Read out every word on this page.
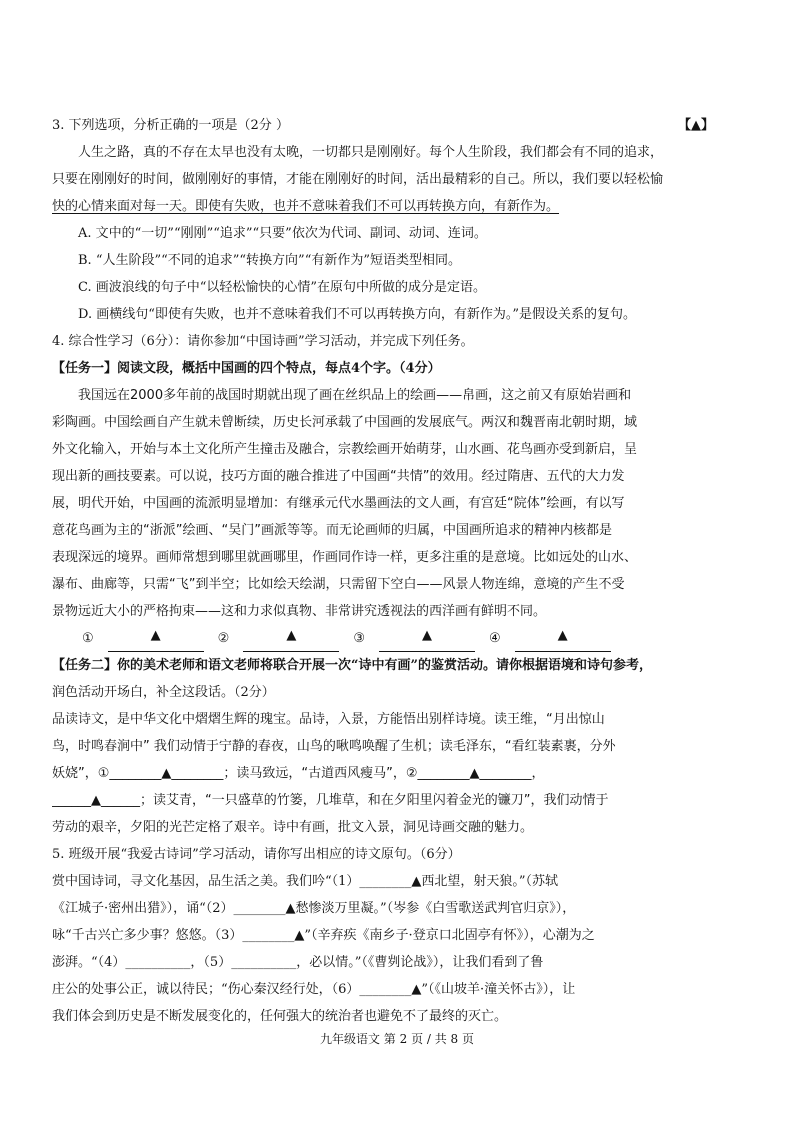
3. 下列选项，分析正确的一项是（2分 ）	【▲】
人生之路，真的不存在太早也没有太晚，一切都只是刚刚好。每个人生阶段，我们都会有不同的追求，
只要在刚刚好的时间，做刚刚好的事情，才能在刚刚好的时间，活出最精彩的自己。所以，我们要以轻松愉
快的心情来面对每一天。即使有失败，也并不意味着我们不可以再转换方向，有新作为。
A. 文中的“一切”“刚刚”“追求”“只要”依次为代词、副词、动词、连词。
B. “人生阶段”“不同的追求”“转换方向”“有新作为”短语类型相同。
C. 画波浪线的句子中“以轻松愉快的心情”在原句中所做的成分是定语。
D. 画横线句“即使有失败，也并不意味着我们不可以再转换方向，有新作为。”是假设关系的复句。
4. 综合性学习（6分）：请你参加“中国诗画”学习活动，并完成下列任务。
【任务一】阅读文段，概括中国画的四个特点，每点4个字。（4分）
我国远在2000多年前的战国时期就出现了画在丝织品上的绘画——帛画，这之前又有原始岩画和
彩陶画。中国绘画自产生就未曾断续，历史长河承载了中国画的发展底气。两汉和魏晋南北朝时期，域
外文化输入，开始与本土文化所产生撞击及融合，宗教绘画开始萌芽，山水画、花鸟画亦受到新启，呈
现出新的画技要素。可以说，技巧方面的融合推进了中国画“共情”的效用。经过隋唐、五代的大力发
展，明代开始，中国画的流派明显增加：有继承元代水墨画法的文人画，有宫廷“院体”绘画，有以写
意花鸟画为主的“浙派”绘画、“吴门”画派等等。而无论画师的归属，中国画所追求的精神内核都是
表现深远的境界。画师常想到哪里就画哪里，作画同作诗一样，更多注重的是意境。比如远处的山水、
瀑布、曲廊等，只需“飞”到半空；比如绘天绘湖，只需留下空白——风景人物连绵，意境的产生不受
景物远近大小的严格拘束——这和力求似真物、非常讲究透视法的西洋画有鲜明不同。
①	▲	②	▲	③	▲	④	▲
【任务二】你的美术老师和语文老师将联合开展一次“诗中有画”的鉴赏活动。请你根据语境和诗句参考，
润色活动开场白，补全这段话。（2分）
品读诗文，是中华文化中熠熠生辉的瑰宝。品诗，入景，方能悟出别样诗境。读王维，“月出惊山
鸟，时鸣春涧中” 我们动情于宁静的春夜，山鸟的啾鸣唤醒了生机；读毛泽东，“看红装素裹，分外
妖娆”，①________▲________；读马致远，“古道西风瘦马”，②________▲________，
______▲______；读艾青，“一只盛草的竹篓，几堆草，和在夕阳里闪着金光的镰刀”，我们动情于
劳动的艰辛，夕阳的光芒定格了艰辛。诗中有画，批文入景，洞见诗画交融的魅力。
5. 班级开展“我爱古诗词”学习活动，请你写出相应的诗文原句。（6分）
赏中国诗词，寻文化基因，品生活之美。我们吟“（1）________▲西北望，射天狼。”（苏轼
《江城子·密州出猎》），诵“（2）________▲愁惨淡万里凝。”（岑参《白雪歌送武判官归京》），
咏“千古兴亡多少事？悠悠。（3）________▲”（辛弃疾《南乡子·登京口北固亭有怀》），心潮为之
澎湃。“（4）__________，（5）__________，必以情。”（《曹刿论战》），让我们看到了鲁
庄公的处事公正，诚以待民；“伤心秦汉经行处，（6）________▲”（《山坡羊·潼关怀古》），让
我们体会到历史是不断发展变化的，任何强大的统治者也避免不了最终的灭亡。
九年级语文 第 2 页 / 共 8 页
